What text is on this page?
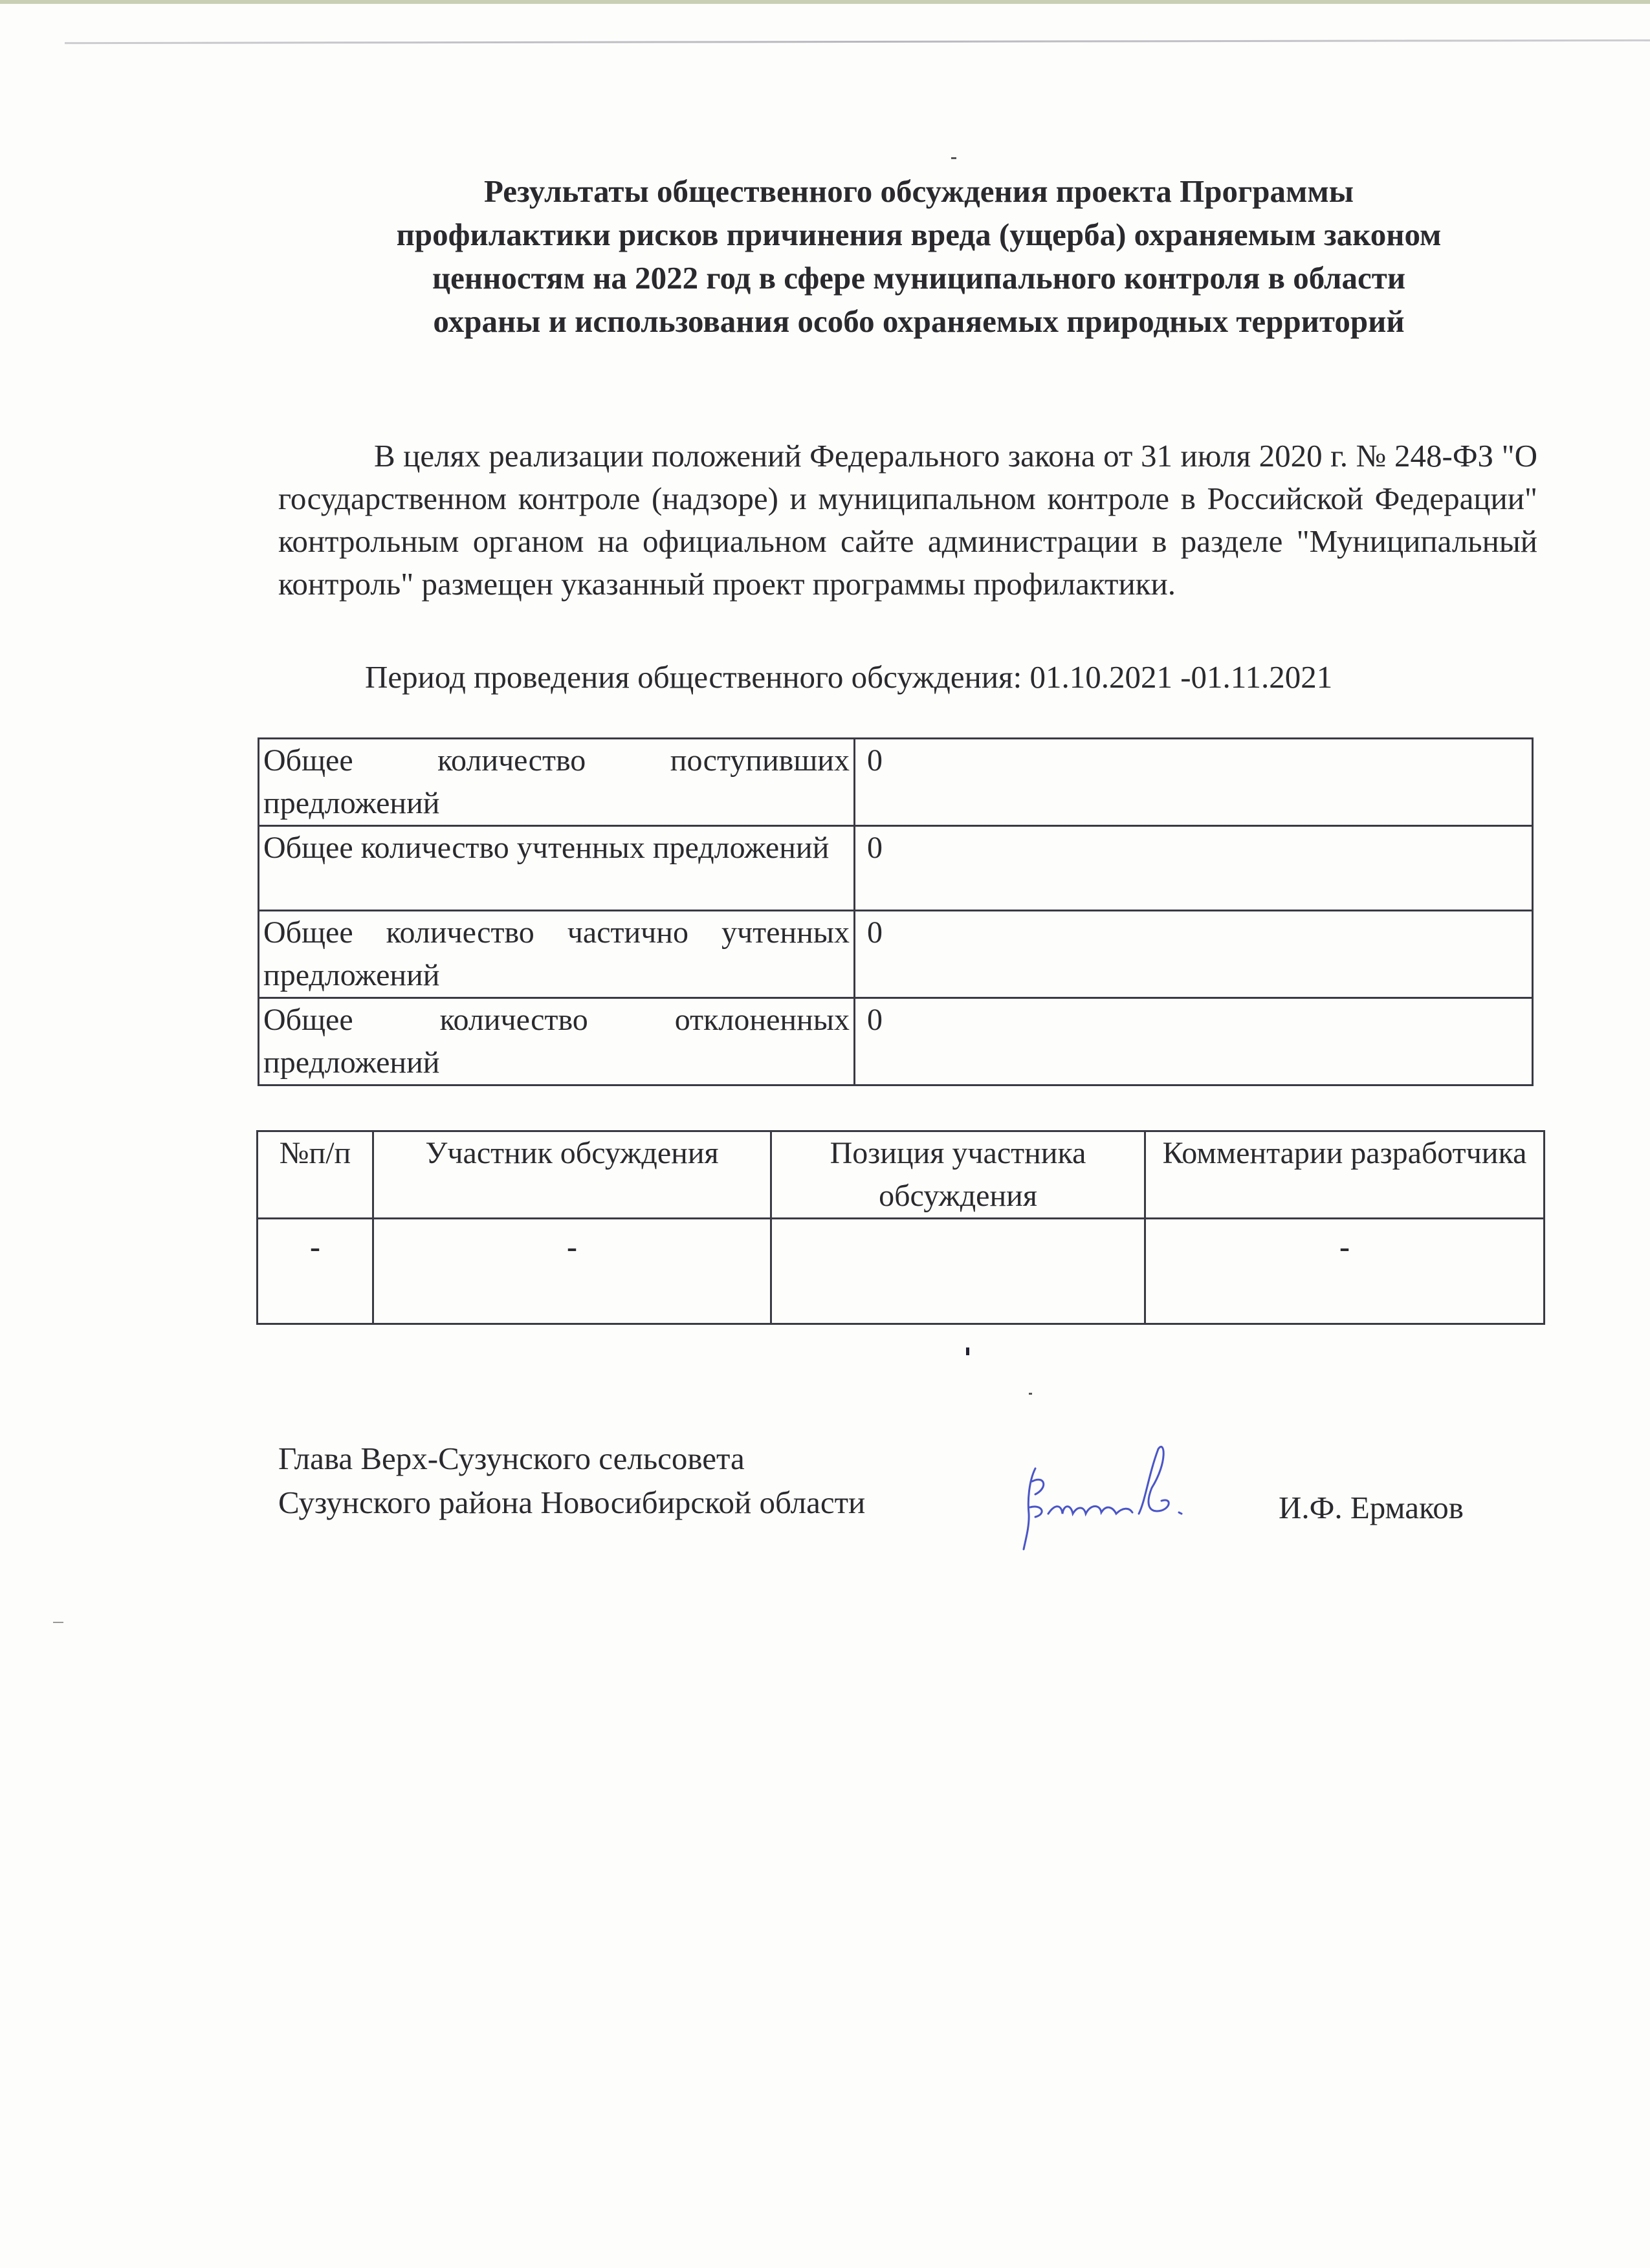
Результаты общественного обсуждения проекта Программы
профилактики рисков причинения вреда (ущерба) охраняемым законом
ценностям на 2022 год в сфере муниципального контроля в области
охраны и использования особо охраняемых природных территорий

В целях реализации положений Федерального закона от 31 июля 2020 г. № 248-ФЗ "О государственном контроле (надзоре) и муниципальном контроле в Российской Федерации" контрольным органом на официальном сайте администрации в разделе "Муниципальный контроль" размещен указанный проект программы профилактики.

Период проведения общественного обсуждения: 01.10.2021 -01.11.2021
Общее количество поступивших предложений	0
Общее количество учтенных предложений	0
Общее количество частично учтенных предложений	0
Общее количество отклоненных предложений	0
№п/п	Участник обсуждения	Позиция участника обсуждения	Комментарии разработчика
-	-		-
Глава Верх-Сузунского сельсовета
Сузунского района Новосибирской области	И.Ф. Ермаков
